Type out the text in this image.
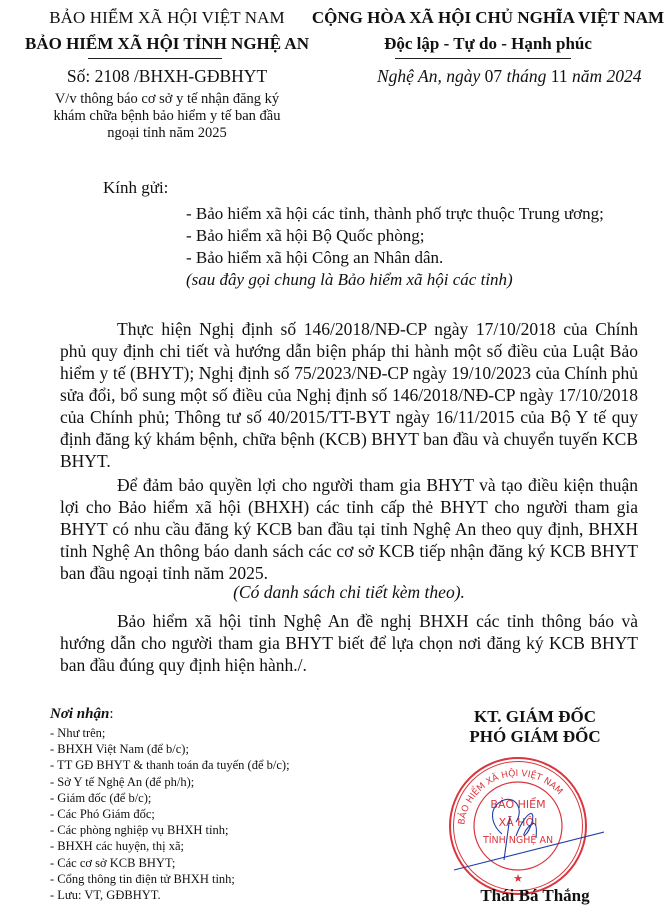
BẢO HIỂM XÃ HỘI VIỆT NAM
BẢO HIỂM XÃ HỘI TỈNH NGHỆ AN
Số: 2108 /BHXH-GĐBHYT
V/v thông báo cơ sở y tế nhận đăng ký
khám chữa bệnh bảo hiểm y tế ban đầu
ngoại tỉnh năm 2025
CỘNG HÒA XÃ HỘI CHỦ NGHĨA VIỆT NAM
Độc lập - Tự do - Hạnh phúc
Nghệ An, ngày 07 tháng 11 năm 2024
Kính gửi:
- Bảo hiểm xã hội các tỉnh, thành phố trực thuộc Trung ương;
- Bảo hiểm xã hội Bộ Quốc phòng;
- Bảo hiểm xã hội Công an Nhân dân.
(sau đây gọi chung là Bảo hiểm xã hội các tỉnh)

Thực hiện Nghị định số 146/2018/NĐ-CP ngày 17/10/2018 của Chính phủ quy định chi tiết và hướng dẫn biện pháp thi hành một số điều của Luật Bảo hiểm y tế (BHYT); Nghị định số 75/2023/NĐ-CP ngày 19/10/2023 của Chính phủ sửa đổi, bổ sung một số điều của Nghị định số 146/2018/NĐ-CP ngày 17/10/2018 của Chính phủ; Thông tư số 40/2015/TT-BYT ngày 16/11/2015 của Bộ Y tế quy định đăng ký khám bệnh, chữa bệnh (KCB) BHYT ban đầu và chuyển tuyến KCB BHYT.

Để đảm bảo quyền lợi cho người tham gia BHYT và tạo điều kiện thuận lợi cho Bảo hiểm xã hội (BHXH) các tỉnh cấp thẻ BHYT cho người tham gia BHYT có nhu cầu đăng ký KCB ban đầu tại tỉnh Nghệ An theo quy định, BHXH tỉnh Nghệ An thông báo danh sách các cơ sở KCB tiếp nhận đăng ký KCB BHYT ban đầu ngoại tỉnh năm 2025.

(Có danh sách chi tiết kèm theo).

Bảo hiểm xã hội tỉnh Nghệ An đề nghị BHXH các tỉnh thông báo và hướng dẫn cho người tham gia BHYT biết để lựa chọn nơi đăng ký KCB BHYT ban đầu đúng quy định hiện hành./.

Nơi nhận:
- Như trên;
- BHXH Việt Nam (để b/c);
- TT GĐ BHYT & thanh toán đa tuyến (để b/c);
- Sở Y tế Nghệ An (để ph/h);
- Giám đốc (để b/c);
- Các Phó Giám đốc;
- Các phòng nghiệp vụ BHXH tỉnh;
- BHXH các huyện, thị xã;
- Các cơ sở KCB BHYT;
- Cổng thông tin điện tử BHXH tỉnh;
- Lưu: VT, GĐBHYT.
KT. GIÁM ĐỐC
PHÓ GIÁM ĐỐC
BẢO HIỂM XÃ HỘI VIỆT NAM
BẢO HIỂM
XÃ HỘI
TỈNH NGHỆ AN
★
Thái Bá Thắng
